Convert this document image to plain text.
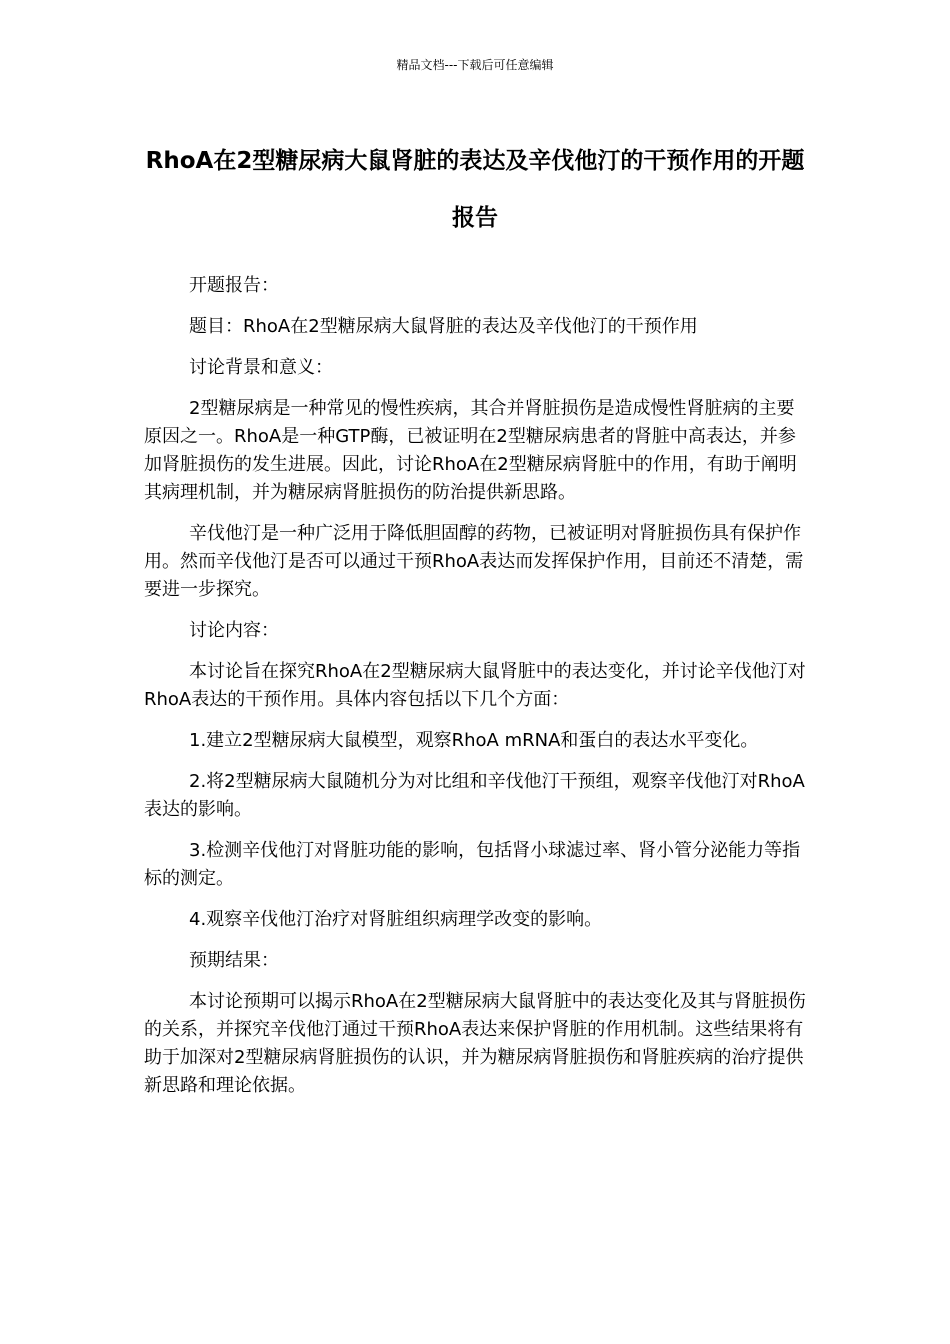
精品文档---下载后可任意编辑
RhoA在2型糖尿病大鼠肾脏的表达及辛伐他汀的干预作用的开题报告

开题报告：

题目：RhoA在2型糖尿病大鼠肾脏的表达及辛伐他汀的干预作用

讨论背景和意义：

2型糖尿病是一种常见的慢性疾病，其合并肾脏损伤是造成慢性肾脏病的主要原因之一。RhoA是一种GTP酶，已被证明在2型糖尿病患者的肾脏中高表达，并参加肾脏损伤的发生进展。因此，讨论RhoA在2型糖尿病肾脏中的作用，有助于阐明其病理机制，并为糖尿病肾脏损伤的防治提供新思路。

辛伐他汀是一种广泛用于降低胆固醇的药物，已被证明对肾脏损伤具有保护作用。然而辛伐他汀是否可以通过干预RhoA表达而发挥保护作用，目前还不清楚，需要进一步探究。

讨论内容：

本讨论旨在探究RhoA在2型糖尿病大鼠肾脏中的表达变化，并讨论辛伐他汀对RhoA表达的干预作用。具体内容包括以下几个方面：

1.建立2型糖尿病大鼠模型，观察RhoA mRNA和蛋白的表达水平变化。

2.将2型糖尿病大鼠随机分为对比组和辛伐他汀干预组，观察辛伐他汀对RhoA表达的影响。

3.检测辛伐他汀对肾脏功能的影响，包括肾小球滤过率、肾小管分泌能力等指标的测定。

4.观察辛伐他汀治疗对肾脏组织病理学改变的影响。

预期结果：

本讨论预期可以揭示RhoA在2型糖尿病大鼠肾脏中的表达变化及其与肾脏损伤的关系，并探究辛伐他汀通过干预RhoA表达来保护肾脏的作用机制。这些结果将有助于加深对2型糖尿病肾脏损伤的认识，并为糖尿病肾脏损伤和肾脏疾病的治疗提供新思路和理论依据。
